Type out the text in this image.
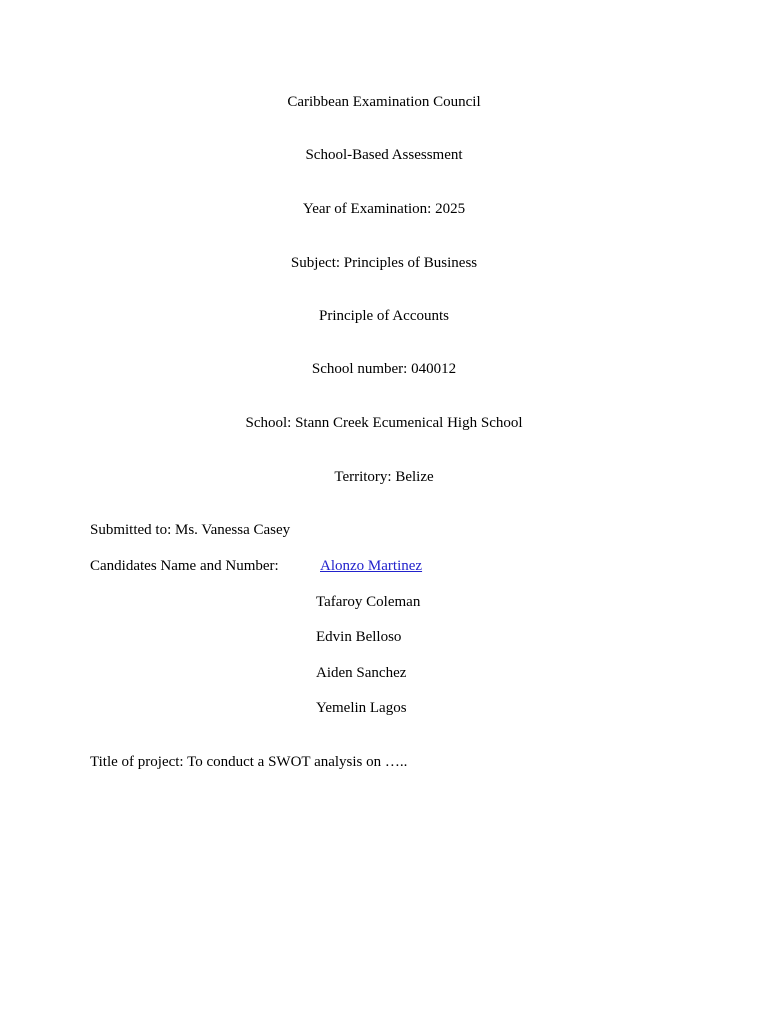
Caribbean Examination Council
School-Based Assessment
Year of Examination: 2025
Subject: Principles of Business
Principle of Accounts
School number: 040012
School: Stann Creek Ecumenical High School
Territory: Belize
Submitted to: Ms. Vanessa Casey
Candidates Name and Number:	Alonzo Martinez
Tafaroy Coleman
Edvin Belloso
Aiden Sanchez
Yemelin Lagos
Title of project: To conduct a SWOT analysis on …..
